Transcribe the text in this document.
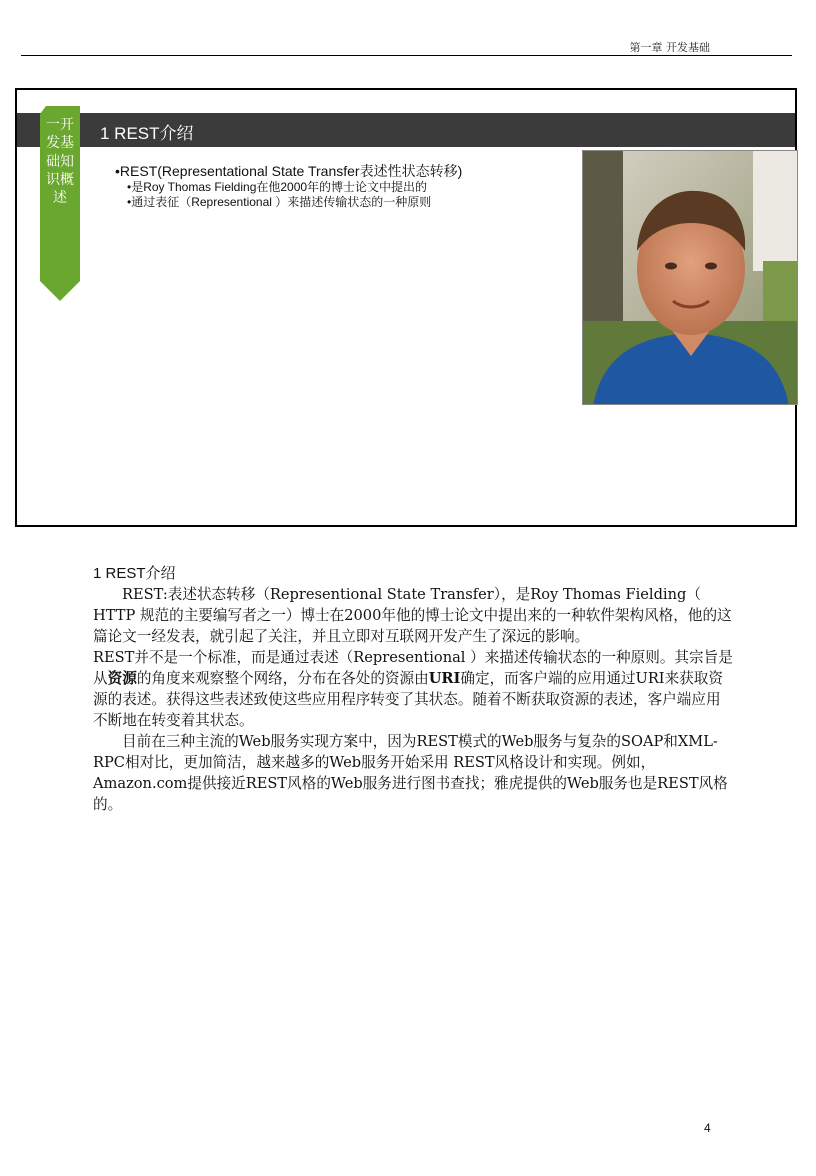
第一章 开发基础
1 REST介绍
一开发基础知识概述
•REST(Representational State Transfer表述性状态转移)
•是Roy Thomas Fielding在他2000年的博士论文中提出的
•通过表征（Representional ）来描述传输状态的一种原则

1 REST介绍

REST:表述状态转移（Representional State Transfer），是Roy Thomas Fielding（ HTTP 规范的主要编写者之一）博士在2000年他的博士论文中提出来的一种软件架构风格，他的这篇论文一经发表，就引起了关注，并且立即对互联网开发产生了深远的影响。

REST并不是一个标准，而是通过表述（Representional ）来描述传输状态的一种原则。其宗旨是从资源的角度来观察整个网络，分布在各处的资源由URI确定，而客户端的应用通过URI来获取资源的表述。获得这些表述致使这些应用程序转变了其状态。随着不断获取资源的表述，客户端应用不断地在转变着其状态。

目前在三种主流的Web服务实现方案中，因为REST模式的Web服务与复杂的SOAP和XML-RPC相对比，更加简洁，越来越多的Web服务开始采用 REST风格设计和实现。例如，Amazon.com提供接近REST风格的Web服务进行图书查找；雅虎提供的Web服务也是REST风格的。

4
